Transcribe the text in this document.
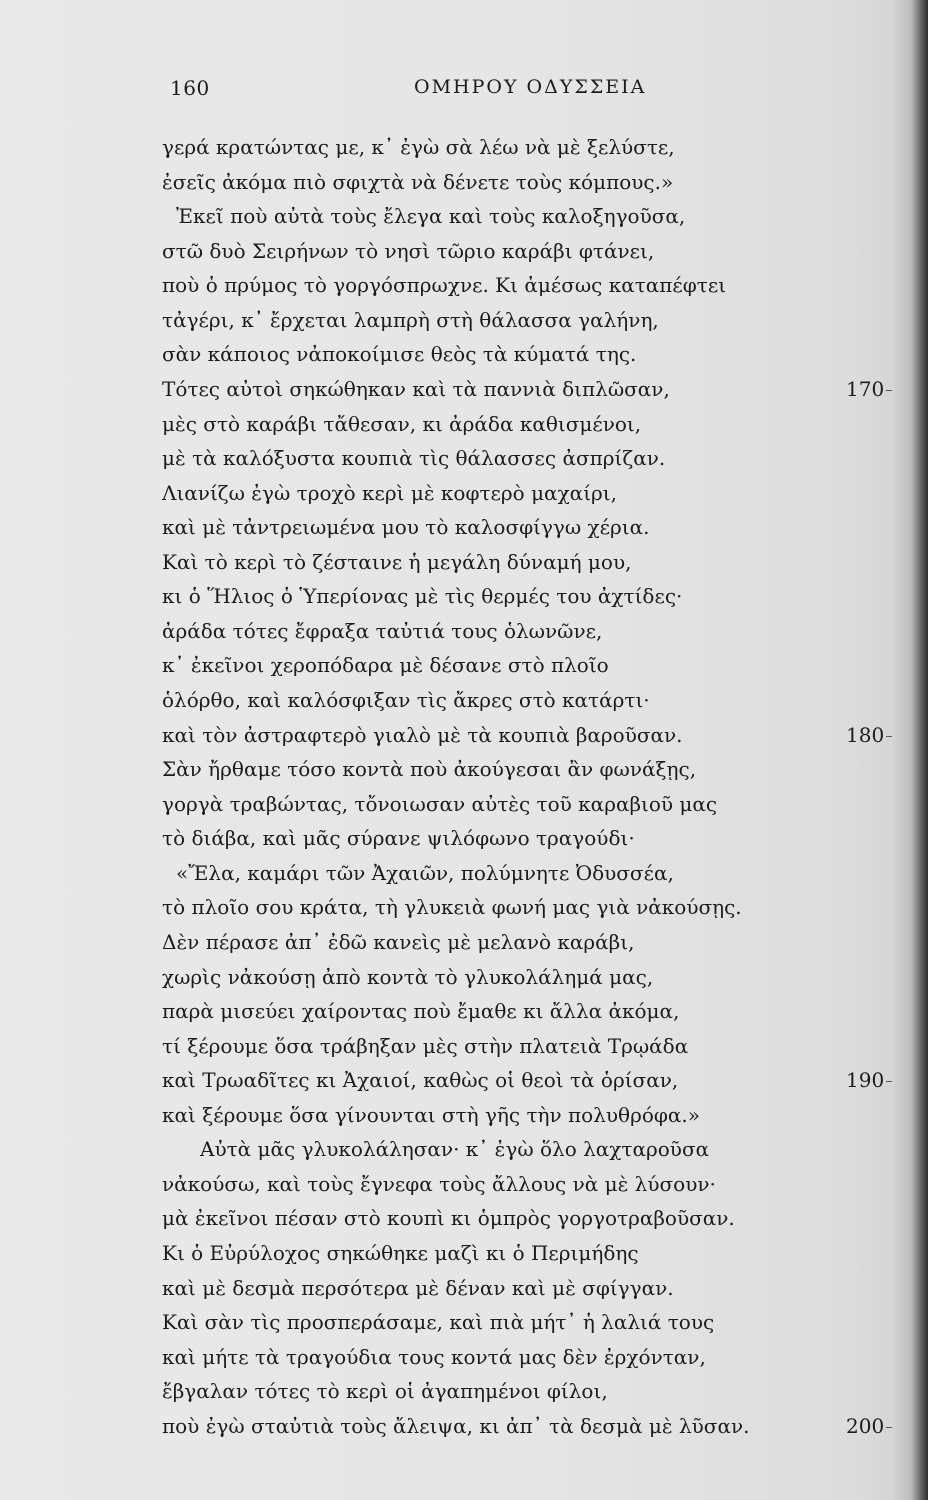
160	ΟΜΗΡΟΥ ΟΔΥΣΣΕΙΑ
γερά κρατώντας με, κ᾽ ἐγὼ σὰ λέω νὰ μὲ ξελύστε,
ἐσεῖς ἀκόμα πιὸ σφιχτὰ νὰ δένετε τοὺς κόμπους.»
Ἐκεῖ ποὺ αὐτὰ τοὺς ἔλεγα καὶ τοὺς καλοξηγοῦσα,
στῶ δυὸ Σειρήνων τὸ νησὶ τῶριο καράβι φτάνει,
ποὺ ὁ πρύμος τὸ γοργόσπρωχνε. Κι ἀμέσως καταπέφτει
τἀγέρι, κ᾽ ἔρχεται λαμπρὴ στὴ θάλασσα γαλήνη,
σὰν κάποιος νἀποκοίμισε θεὸς τὰ κύματά της.
Τότες αὐτοὶ σηκώθηκαν καὶ τὰ παννιὰ διπλῶσαν,	170
μὲς στὸ καράβι τἄθεσαν, κι ἀράδα καθισμένοι,
μὲ τὰ καλόξυστα κουπιὰ τὶς θάλασσες ἀσπρίζαν.
Λιανίζω ἐγὼ τροχὸ κερὶ μὲ κοφτερὸ μαχαίρι,
καὶ μὲ τἀντρειωμένα μου τὸ καλοσφίγγω χέρια.
Καὶ τὸ κερὶ τὸ ζέσταινε ἡ μεγάλη δύναμή μου,
κι ὁ Ἥλιος ὁ Ὑπερίονας μὲ τὶς θερμές του ἀχτίδες·
ἀράδα τότες ἔφραξα ταὐτιά τους ὁλωνῶνε,
κ᾽ ἐκεῖνοι χεροπόδαρα μὲ δέσανε στὸ πλοῖο
ὁλόρθο, καὶ καλόσφιξαν τὶς ἄκρες στὸ κατάρτι·
καὶ τὸν ἀστραφτερὸ γιαλὸ μὲ τὰ κουπιὰ βαροῦσαν.	180
Σὰν ἤρθαμε τόσο κοντὰ ποὺ ἀκούγεσαι ἂν φωνάξῃς,
γοργὰ τραβώντας, τὄνοιωσαν αὐτὲς τοῦ καραβιοῦ μας
τὸ διάβα, καὶ μᾶς σύρανε ψιλόφωνο τραγούδι·
«Ἔλα, καμάρι τῶν Ἀχαιῶν, πολύμνητε Ὀδυσσέα,
τὸ πλοῖο σου κράτα, τὴ γλυκειὰ φωνή μας γιὰ νἀκούσῃς.
Δὲν πέρασε ἀπ᾽ ἐδῶ κανεὶς μὲ μελανὸ καράβι,
χωρὶς νἀκούσῃ ἀπὸ κοντὰ τὸ γλυκολάλημά μας,
παρὰ μισεύει χαίροντας ποὺ ἔμαθε κι ἄλλα ἀκόμα,
τί ξέρουμε ὅσα τράβηξαν μὲς στὴν πλατειὰ Τρῳάδα
καὶ Τρωαδῖτες κι Ἀχαιοί, καθὼς οἱ θεοὶ τὰ ὁρίσαν,	190
καὶ ξέρουμε ὅσα γίνουνται στὴ γῆς τὴν πολυθρόφα.»
Αὐτὰ μᾶς γλυκολάλησαν· κ᾽ ἐγὼ ὅλο λαχταροῦσα
νἀκούσω, καὶ τοὺς ἔγνεφα τοὺς ἄλλους νὰ μὲ λύσουν·
μὰ ἐκεῖνοι πέσαν στὸ κουπὶ κι ὁμπρὸς γοργοτραβοῦσαν.
Κι ὁ Εὐρύλοχος σηκώθηκε μαζὶ κι ὁ Περιμήδης
καὶ μὲ δεσμὰ περσότερα μὲ δέναν καὶ μὲ σφίγγαν.
Καὶ σὰν τὶς προσπεράσαμε, καὶ πιὰ μήτ᾽ ἡ λαλιά τους
καὶ μήτε τὰ τραγούδια τους κοντά μας δὲν ἐρχόνταν,
ἔβγαλαν τότες τὸ κερὶ οἱ ἀγαπημένοι φίλοι,
ποὺ ἐγὼ σταὐτιὰ τοὺς ἄλειψα, κι ἀπ᾽ τὰ δεσμὰ μὲ λῦσαν.	200
